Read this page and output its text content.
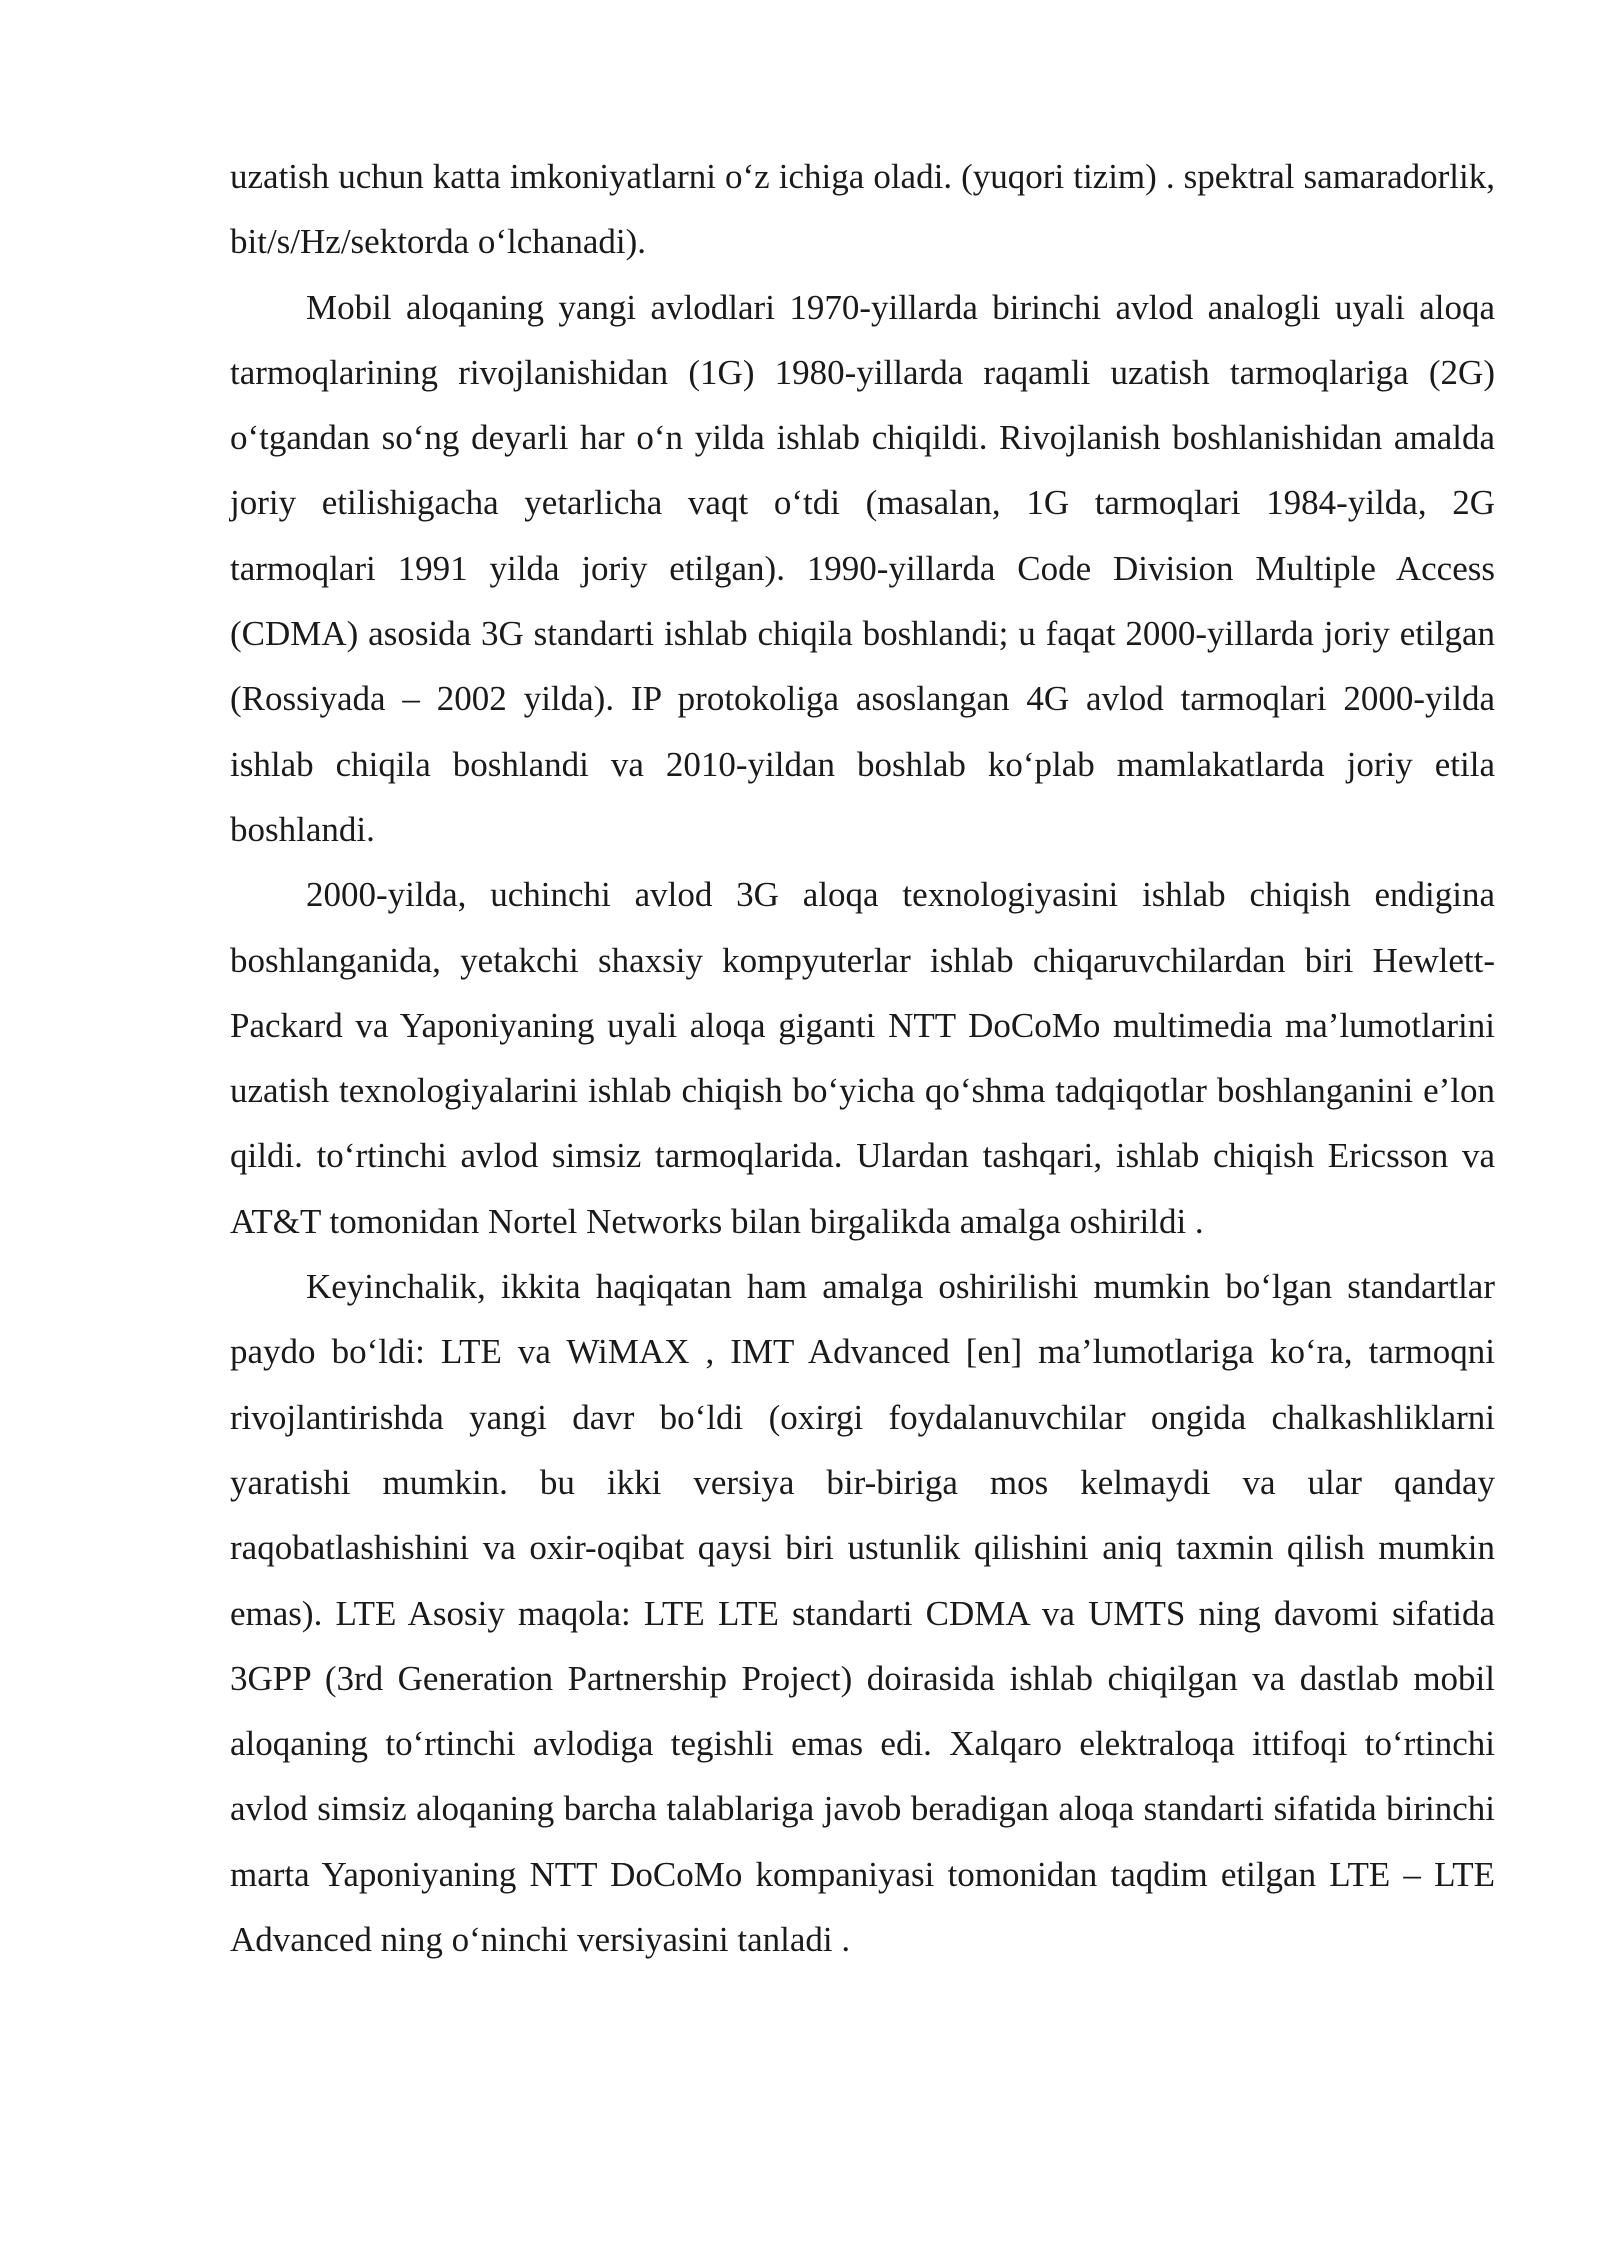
uzatish uchun katta imkoniyatlarni o‘z ichiga oladi. (yuqori tizim) . spektral samaradorlik, bit/s/Hz/sektorda o‘lchanadi).

Mobil aloqaning yangi avlodlari 1970-yillarda birinchi avlod analogli uyali aloqa tarmoqlarining rivojlanishidan (1G) 1980-yillarda raqamli uzatish tarmoqlariga (2G) o‘tgandan so‘ng deyarli har o‘n yilda ishlab chiqildi. Rivojlanish boshlanishidan amalda joriy etilishigacha yetarlicha vaqt o‘tdi (masalan, 1G tarmoqlari 1984-yilda, 2G tarmoqlari 1991 yilda joriy etilgan). 1990-yillarda Code Division Multiple Access (CDMA) asosida 3G standarti ishlab chiqila boshlandi; u faqat 2000-yillarda joriy etilgan (Rossiyada – 2002 yilda). IP protokoliga asoslangan 4G avlod tarmoqlari 2000-yilda ishlab chiqila boshlandi va 2010-yildan boshlab ko‘plab mamlakatlarda joriy etila boshlandi.

2000-yilda, uchinchi avlod 3G aloqa texnologiyasini ishlab chiqish endigina boshlanganida, yetakchi shaxsiy kompyuterlar ishlab chiqaruvchilardan biri Hewlett-Packard va Yaponiyaning uyali aloqa giganti NTT DoCoMo multimedia ma’lumotlarini uzatish texnologiyalarini ishlab chiqish bo‘yicha qo‘shma tadqiqotlar boshlanganini e’lon qildi. to‘rtinchi avlod simsiz tarmoqlarida. Ulardan tashqari, ishlab chiqish Ericsson va AT&T tomonidan Nortel Networks bilan birgalikda amalga oshirildi .

Keyinchalik, ikkita haqiqatan ham amalga oshirilishi mumkin bo‘lgan standartlar paydo bo‘ldi: LTE va WiMAX , IMT Advanced [en] ma’lumotlariga ko‘ra, tarmoqni rivojlantirishda yangi davr bo‘ldi (oxirgi foydalanuvchilar ongida chalkashliklarni yaratishi mumkin. bu ikki versiya bir-biriga mos kelmaydi va ular qanday raqobatlashishini va oxir-oqibat qaysi biri ustunlik qilishini aniq taxmin qilish mumkin emas). LTE Asosiy maqola: LTE LTE standarti CDMA va UMTS ning davomi sifatida 3GPP (3rd Generation Partnership Project) doirasida ishlab chiqilgan va dastlab mobil aloqaning to‘rtinchi avlodiga tegishli emas edi. Xalqaro elektraloqa ittifoqi to‘rtinchi avlod simsiz aloqaning barcha talablariga javob beradigan aloqa standarti sifatida birinchi marta Yaponiyaning NTT DoCoMo kompaniyasi tomonidan taqdim etilgan LTE – LTE Advanced ning o‘ninchi versiyasini tanladi .
